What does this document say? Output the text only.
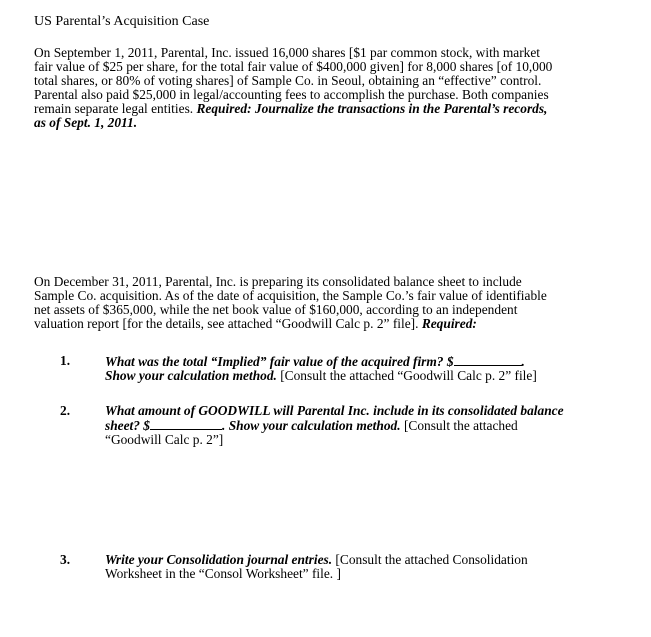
US Parental’s Acquisition Case
On September 1, 2011, Parental, Inc. issued 16,000 shares [$1 par common stock, with market
fair value of $25 per share, for the total fair value of $400,000 given] for 8,000 shares [of 10,000
total shares, or 80% of voting shares] of Sample Co. in Seoul, obtaining an “effective” control.
Parental also paid $25,000 in legal/accounting fees to accomplish the purchase. Both companies
remain separate legal entities. Required: Journalize the transactions in the Parental’s records,
as of Sept. 1, 2011.
On December 31, 2011, Parental, Inc. is preparing its consolidated balance sheet to include
Sample Co. acquisition. As of the date of acquisition, the Sample Co.’s fair value of identifiable
net assets of $365,000, while the net book value of $160,000, according to an independent
valuation report [for the details, see attached “Goodwill Calc p. 2” file]. Required:
1.	What was the total “Implied” fair value of the acquired firm? $	.
Show your calculation method. [Consult the attached “Goodwill Calc p. 2” file]
2.	What amount of GOODWILL will Parental Inc. include in its consolidated balance
sheet? $	. Show your calculation method. [Consult the attached
“Goodwill Calc p. 2”]
3.	Write your Consolidation journal entries. [Consult the attached Consolidation
Worksheet in the “Consol Worksheet” file. ]
